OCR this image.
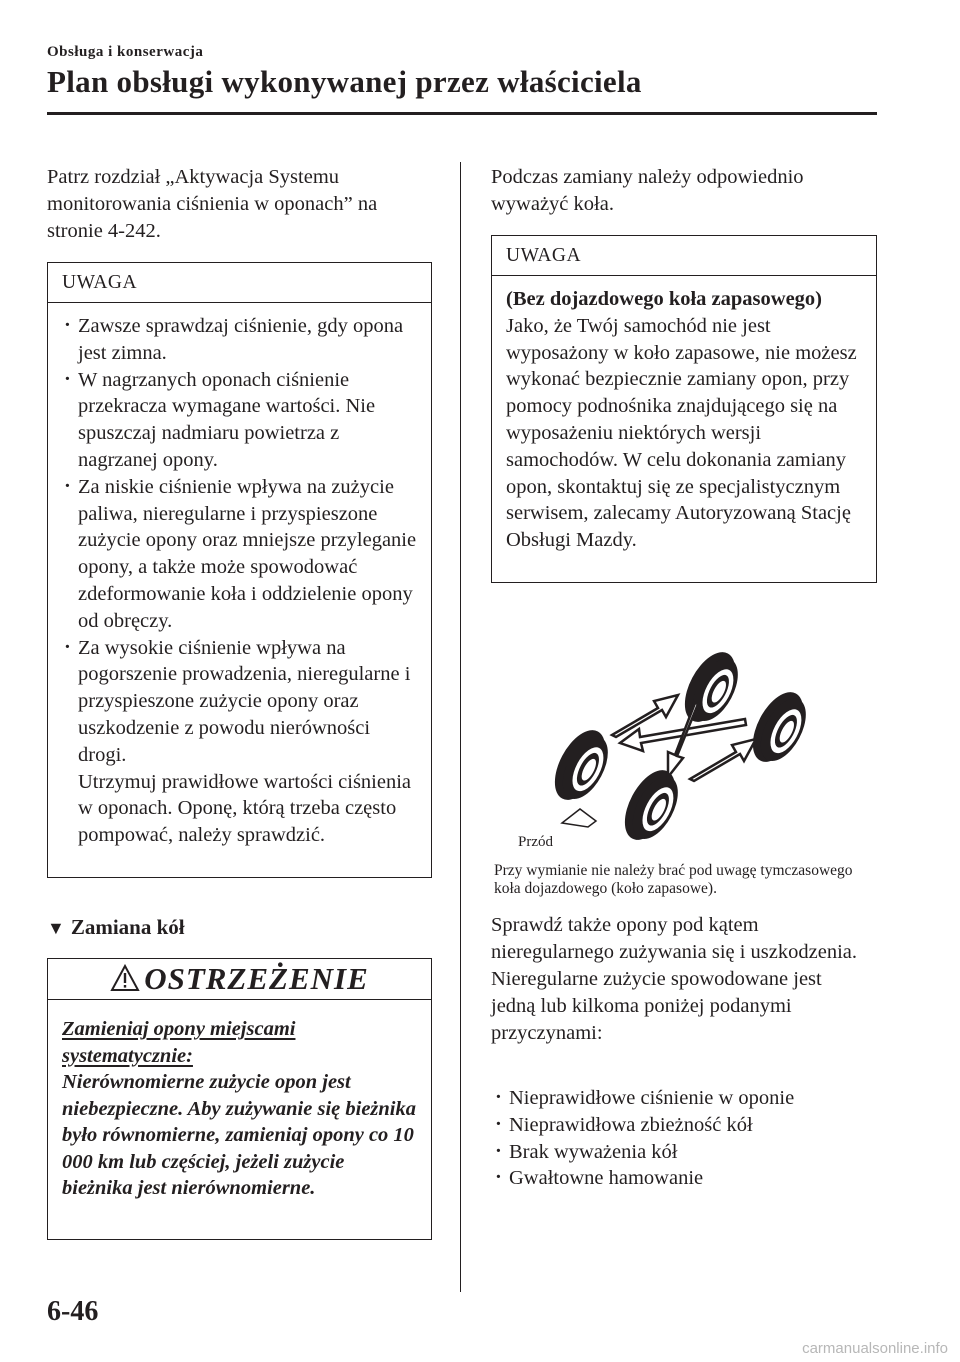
Obsługa i konserwacja
Plan obsługi wykonywanej przez właściciela

Patrz rozdział „Aktywacja Systemu monitorowania ciśnienia w oponach” na stronie 4-242.

UWAGA
· Zawsze sprawdzaj ciśnienie, gdy opona jest zimna.
· W nagrzanych oponach ciśnienie przekracza wymagane wartości. Nie spuszczaj nadmiaru powietrza z nagrzanej opony.
· Za niskie ciśnienie wpływa na zużycie paliwa, nieregularne i przyspieszone zużycie opony oraz mniejsze przyleganie opony, a także może spowodować zdeformowanie koła i oddzielenie opony od obręczy.
· Za wysokie ciśnienie wpływa na pogorszenie prowadzenia, nieregularne i przyspieszone zużycie opony oraz uszkodzenie z powodu nierówności drogi.
Utrzymuj prawidłowe wartości ciśnienia w oponach. Oponę, którą trzeba często pompować, należy sprawdzić.
▼ Zamiana kół
OSTRZEŻENIE
Zamieniaj opony miejscami systematycznie:
Nierównomierne zużycie opon jest niebezpieczne. Aby zużywanie się bieżnika było równomierne, zamieniaj opony co 10 000 km lub częściej, jeżeli zużycie bieżnika jest nierównomierne.

Podczas zamiany należy odpowiednio wyważyć koła.

UWAGA
(Bez dojazdowego koła zapasowego)
Jako, że Twój samochód nie jest wyposażony w koło zapasowe, nie możesz wykonać bezpiecznie zamiany opon, przy pomocy podnośnika znajdującego się na wyposażeniu niektórych wersji samochodów. W celu dokonania zamiany opon, skontaktuj się ze specjalistycznym serwisem, zalecamy Autoryzowaną Stację Obsługi Mazdy.
Przód
Przy wymianie nie należy brać pod uwagę tymczasowego koła dojazdowego (koło zapasowe).

Sprawdź także opony pod kątem nieregularnego zużywania się i uszkodzenia. Nieregularne zużycie spowodowane jest jedną lub kilkoma poniżej podanymi przyczynami:

· Nieprawidłowe ciśnienie w oponie
· Nieprawidłowa zbieżność kół
· Brak wyważenia kół
· Gwałtowne hamowanie
6-46
carmanualsonline.info
